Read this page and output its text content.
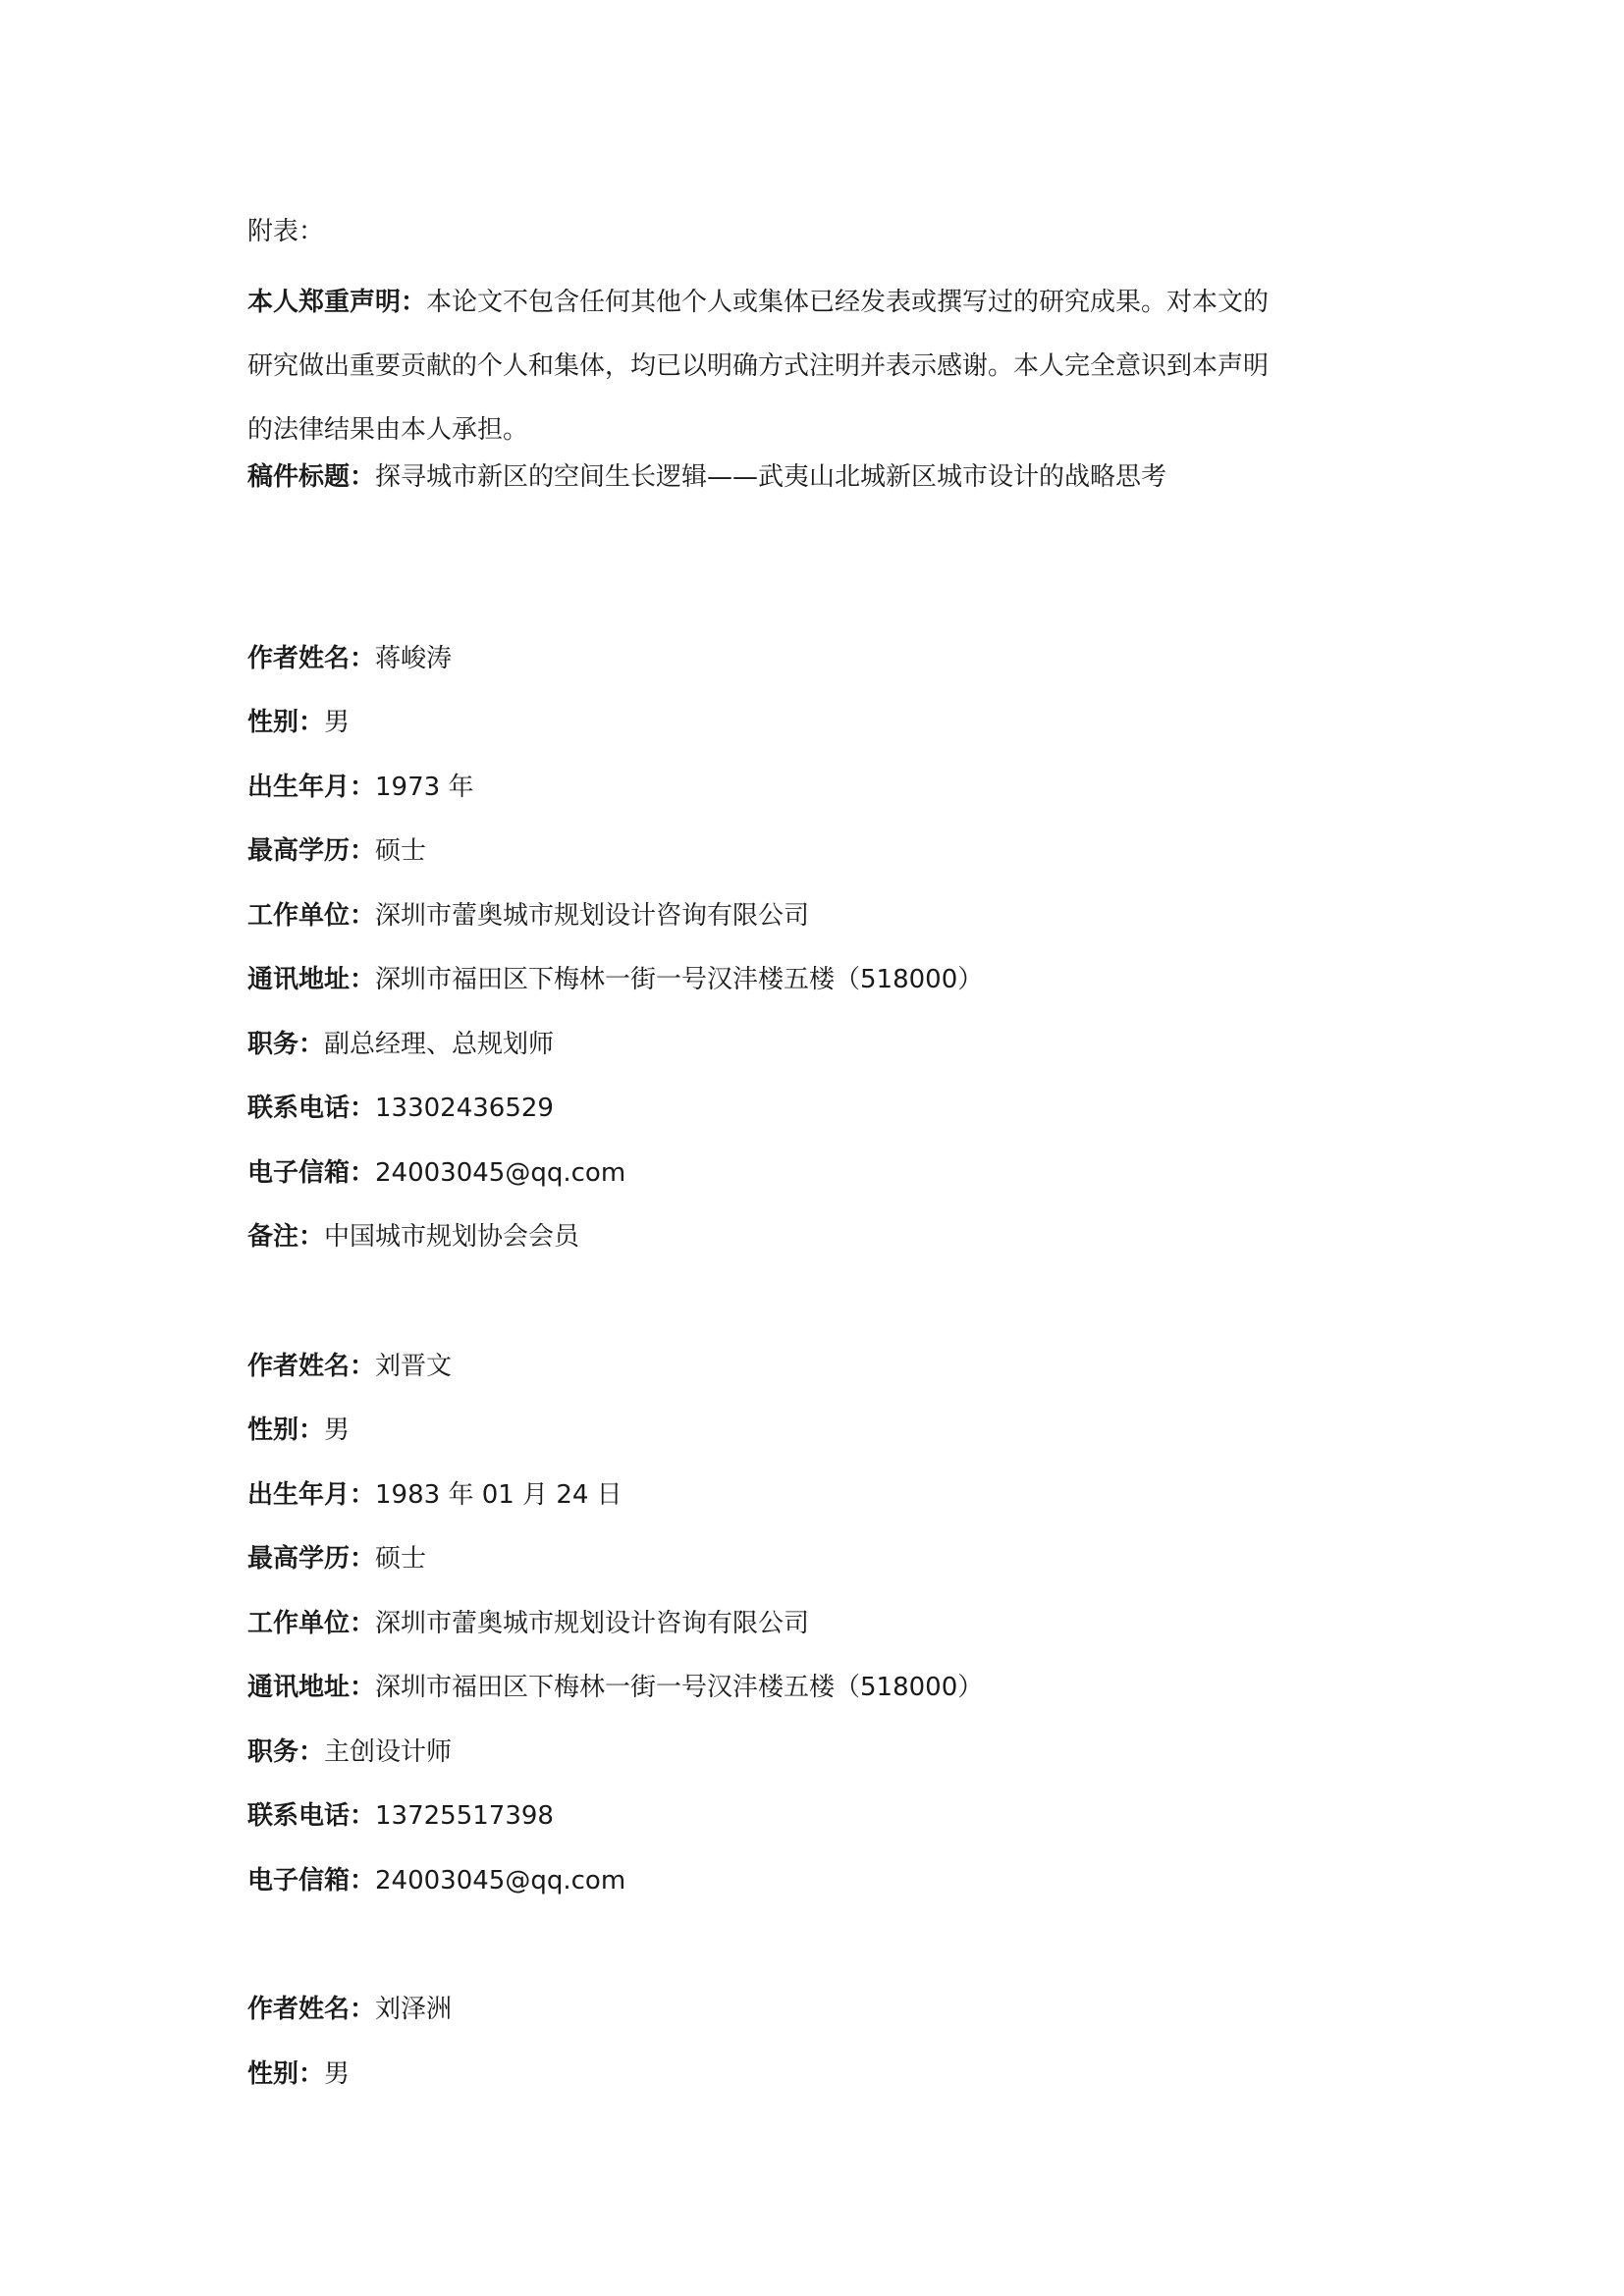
附表：
本人郑重声明：本论文不包含任何其他个人或集体已经发表或撰写过的研究成果。对本文的
研究做出重要贡献的个人和集体，均已以明确方式注明并表示感谢。本人完全意识到本声明
的法律结果由本人承担。
稿件标题：探寻城市新区的空间生长逻辑——武夷山北城新区城市设计的战略思考
作者姓名：蒋峻涛
性别：男
出生年月：1973 年
最高学历：硕士
工作单位：深圳市蕾奥城市规划设计咨询有限公司
通讯地址：深圳市福田区下梅林一街一号汉沣楼五楼（518000）
职务：副总经理、总规划师
联系电话：13302436529
电子信箱：24003045@qq.com
备注：中国城市规划协会会员
作者姓名：刘晋文
性别：男
出生年月：1983 年 01 月 24 日
最高学历：硕士
工作单位：深圳市蕾奥城市规划设计咨询有限公司
通讯地址：深圳市福田区下梅林一街一号汉沣楼五楼（518000）
职务：主创设计师
联系电话：13725517398
电子信箱：24003045@qq.com
作者姓名：刘泽洲
性别：男
